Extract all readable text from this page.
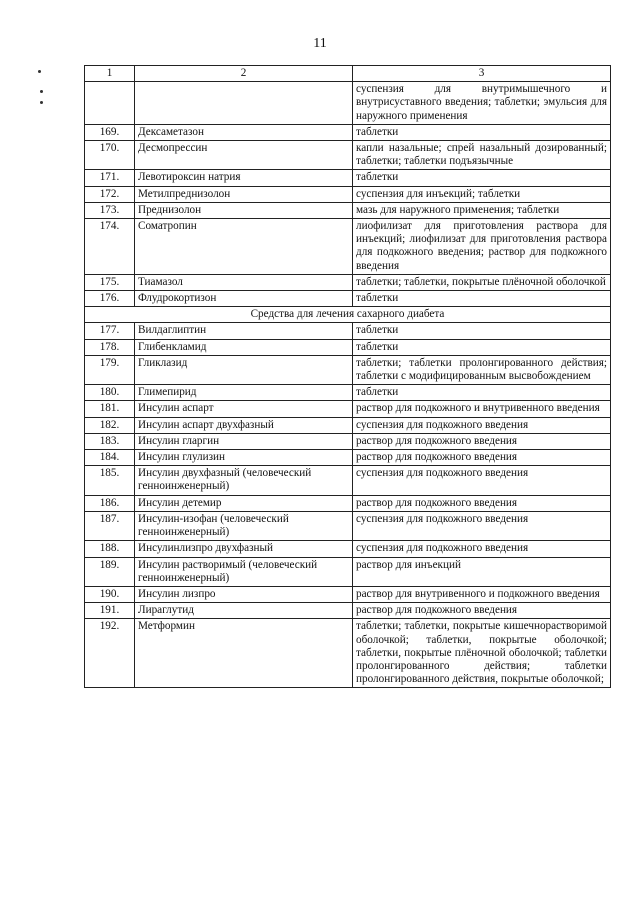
11
1	2	3
		суспензия для внутримышечного и внутрисуставного введения; таблетки; эмульсия для наружного применения
169.	Дексаметазон	таблетки
170.	Десмопрессин	капли назальные; спрей назальный дозированный; таблетки; таблетки подъязычные
171.	Левотироксин натрия	таблетки
172.	Метилпреднизолон	суспензия для инъекций; таблетки
173.	Преднизолон	мазь для наружного применения; таблетки
174.	Соматропин	лиофилизат для приготовления раствора для инъекций; лиофилизат для приготовления раствора для подкожного введения; раствор для подкожного введения
175.	Тиамазол	таблетки; таблетки, покрытые плёночной оболочкой
176.	Флудрокортизон	таблетки
Средства для лечения сахарного диабета		
177.	Вилдаглиптин	таблетки
178.	Глибенкламид	таблетки
179.	Гликлазид	таблетки; таблетки пролонгированного действия; таблетки с модифицированным высвобождением
180.	Глимепирид	таблетки
181.	Инсулин аспарт	раствор для подкожного и внутривенного введения
182.	Инсулин аспарт двухфазный	суспензия для подкожного введения
183.	Инсулин гларгин	раствор для подкожного введения
184.	Инсулин глулизин	раствор для подкожного введения
185.	Инсулин двухфазный (человеческий генноинженерный)	суспензия для подкожного введения
186.	Инсулин детемир	раствор для подкожного введения
187.	Инсулин-изофан (человеческий генноинженерный)	суспензия для подкожного введения
188.	Инсулинлизпро двухфазный	суспензия для подкожного введения
189.	Инсулин растворимый (человеческий генноинженерный)	раствор для инъекций
190.	Инсулин лизпро	раствор для внутривенного и подкожного введения
191.	Лираглутид	раствор для подкожного введения
192.	Метформин	таблетки; таблетки, покрытые кишечнорастворимой оболочкой; таблетки, покрытые оболочкой; таблетки, покрытые плёночной оболочкой; таблетки пролонгированного действия; таблетки пролонгированного действия, покрытые оболочкой;
